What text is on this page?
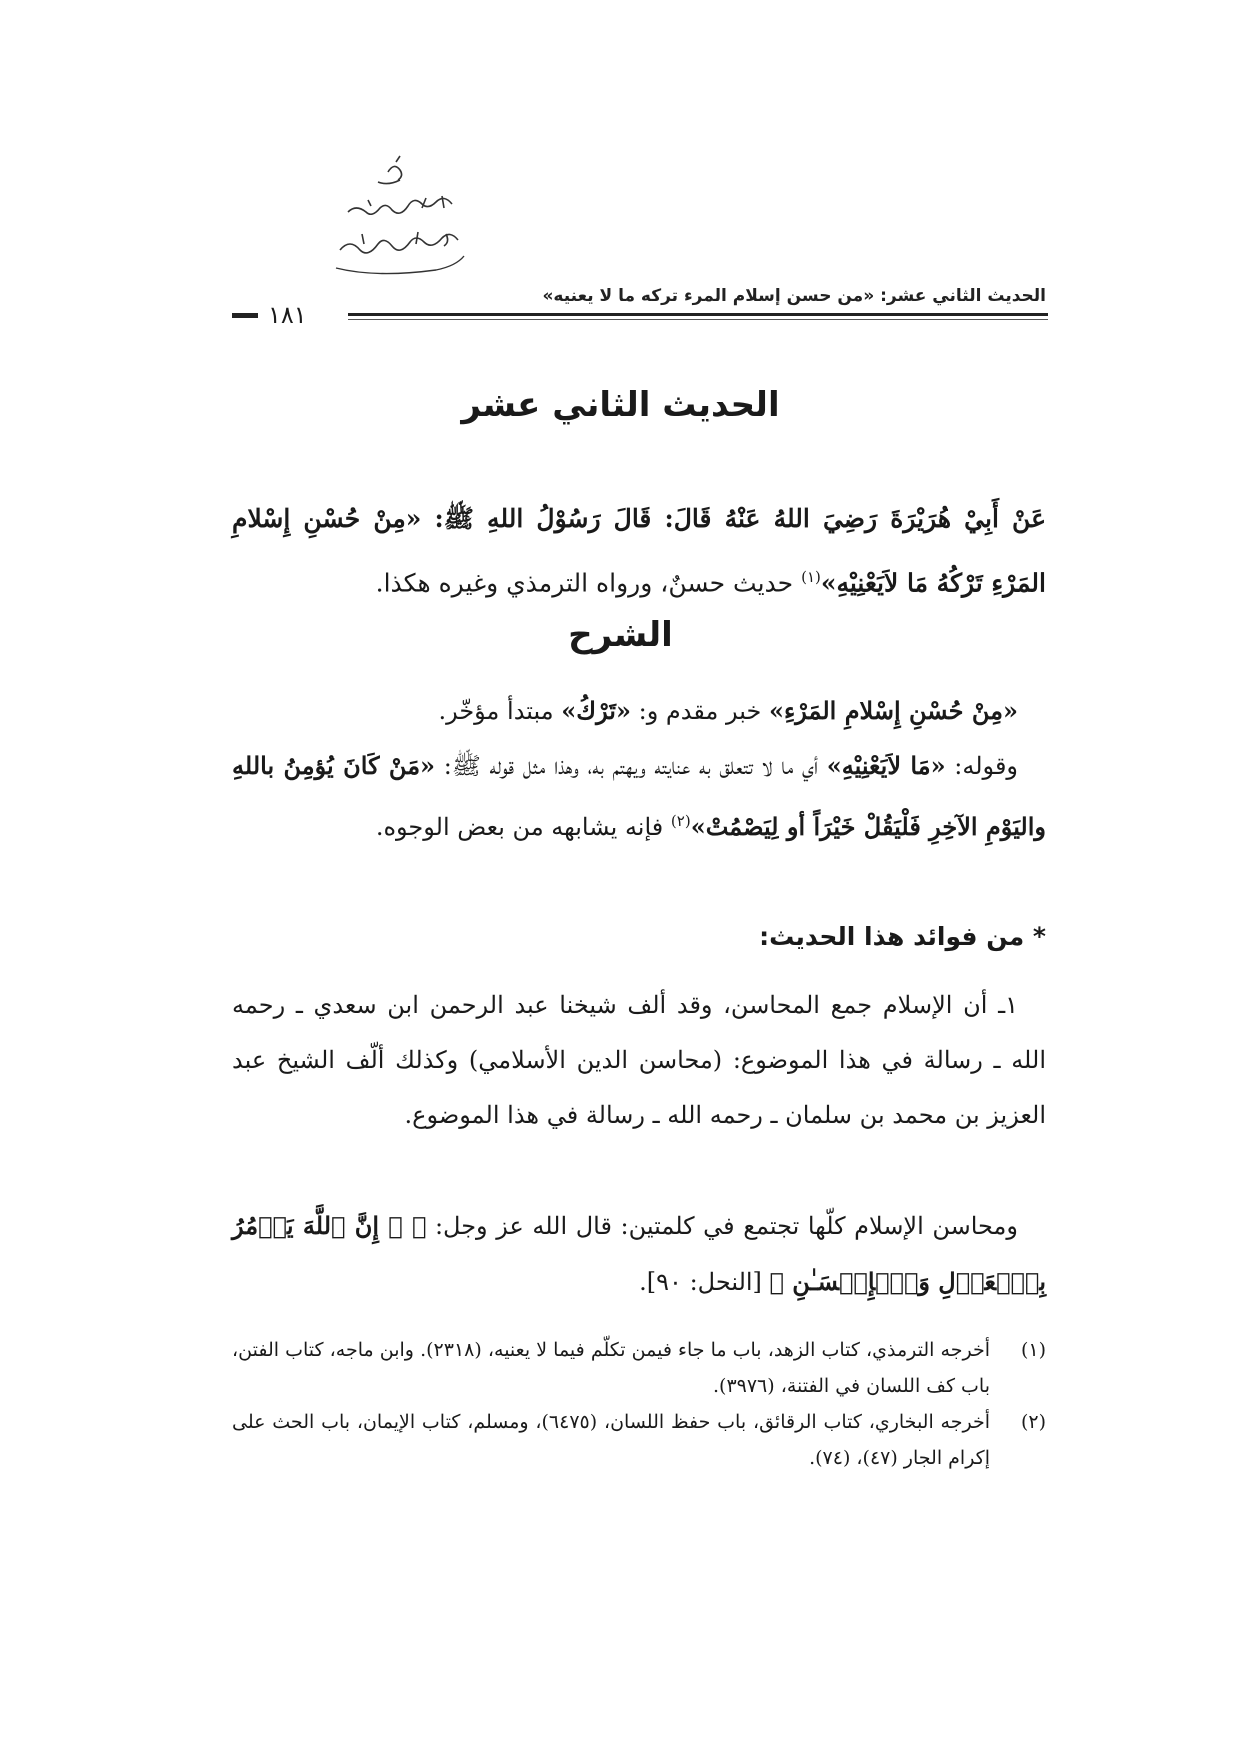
١٨١
الحديث الثاني عشر: «من حسن إسلام المرء تركه ما لا يعنيه»
الحديث الثاني عشر
عَنْ أَبِيْ هُرَيْرَةَ رَضِيَ اللهُ عَنْهُ قَالَ: قَالَ رَسُوْلُ اللهِ ﷺ: «مِنْ حُسْنِ إِسْلامِ المَرْءِ تَرْكُهُ مَا لاَيَعْنِيْهِ»$^{(١)}$ حديث حسنٌ، ورواه الترمذي وغيره هكذا.
الشرح
«مِنْ حُسْنِ إِسْلامِ المَرْءِ» خبر مقدم و: «تَرْكُ» مبتدأ مؤخّر.
وقوله: «مَا لاَيَعْنِيْهِ» أي ما لا تتعلق به عنايته ويهتم به، وهذا مثل قوله ﷺ: «مَنْ كَانَ يُؤمِنُ باللهِ واليَوْمِ الآخِرِ فَلْيَقُلْ خَيْرَاً أو لِيَصْمُتْ»$^{(٢)}$ فإنه يشابهه من بعض الوجوه.
* من فوائد هذا الحديث:
١ـ أن الإسلام جمع المحاسن، وقد ألف شيخنا عبد الرحمن ابن سعدي ـ رحمه الله ـ رسالة في هذا الموضوع: (محاسن الدين الأسلامي) وكذلك ألّف الشيخ عبد العزيز بن محمد بن سلمان ـ رحمه الله ـ رسالة في هذا الموضوع.
ومحاسن الإسلام كلّها تجتمع في كلمتين: قال الله عز وجل: ﴿ ۞ إِنَّ ٱللَّهَ يَأۡمُرُ بِٱلۡعَدۡلِ وَٱلۡإِحۡسَـٰنِ ﴾ [النحل: ٩٠].
(١)
أخرجه الترمذي، كتاب الزهد، باب ما جاء فيمن تكلّم فيما لا يعنيه، (٢٣١٨). وابن ماجه، كتاب الفتن، باب كف اللسان في الفتنة، (٣٩٧٦).
(٢)
أخرجه البخاري، كتاب الرقائق، باب حفظ اللسان، (٦٤٧٥)، ومسلم، كتاب الإيمان، باب الحث على إكرام الجار (٤٧)، (٧٤).
